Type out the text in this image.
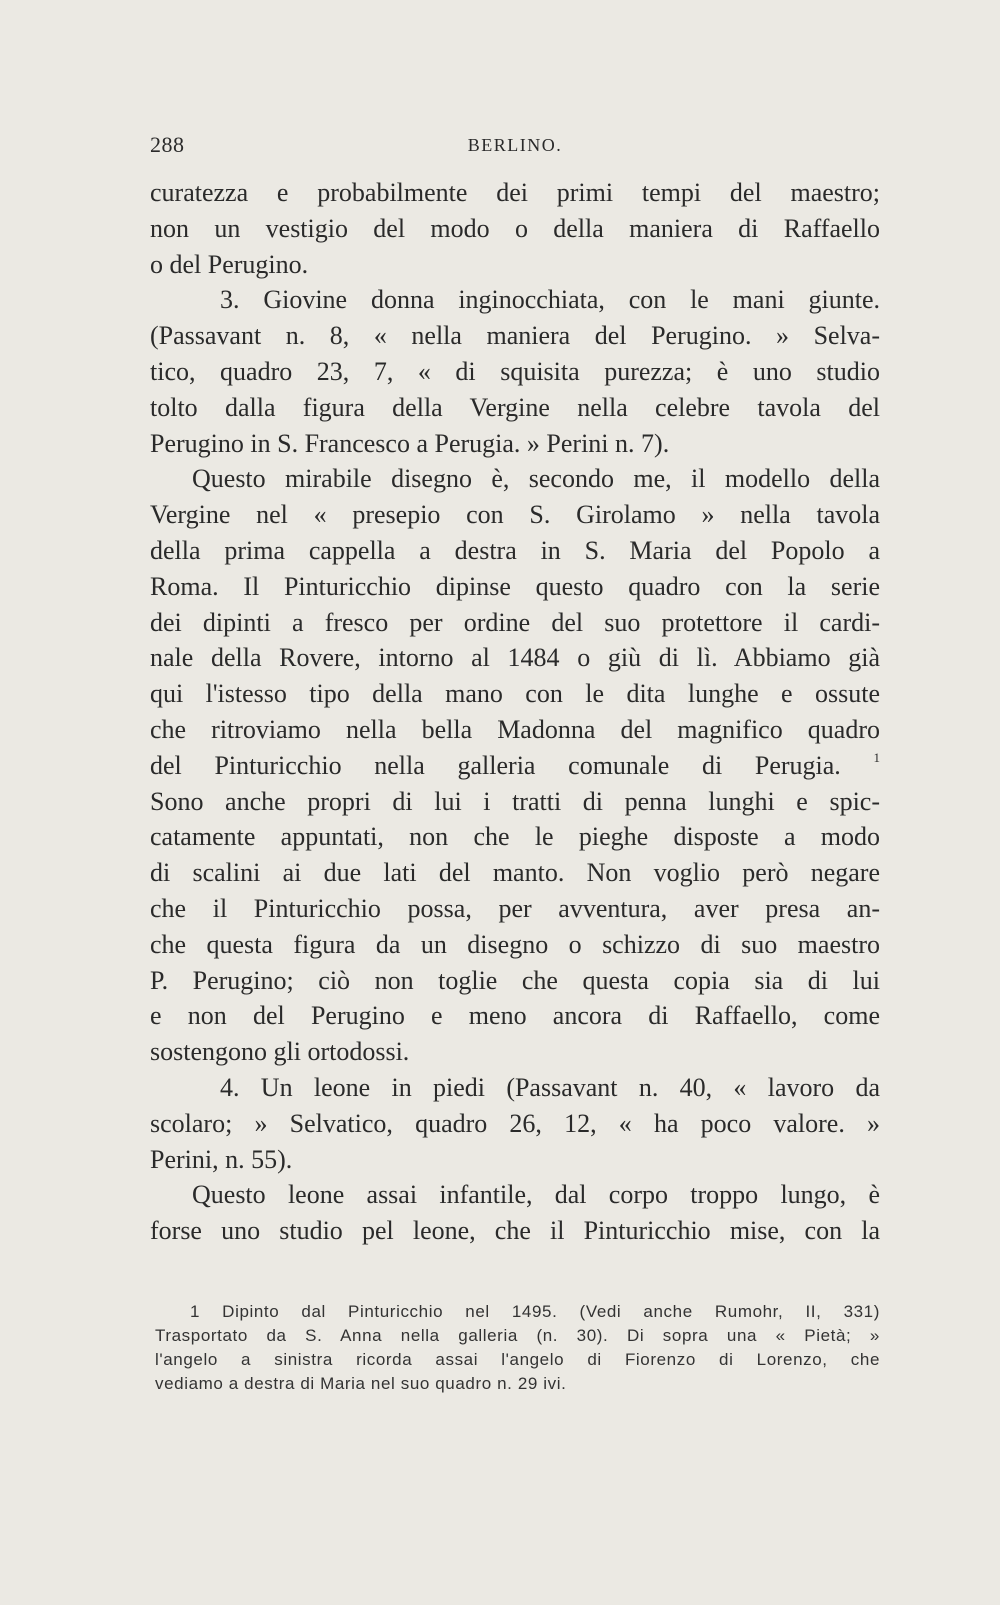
288	BERLINO.
curatezza e probabilmente dei primi tempi del maestro;
non un vestigio del modo o della maniera di Raffaello
o del Perugino.
3. Giovine donna inginocchiata, con le mani giunte.
(Passavant n. 8, « nella maniera del Perugino. » Selva-
tico, quadro 23, 7, « di squisita purezza; è uno studio
tolto dalla figura della Vergine nella celebre tavola del
Perugino in S. Francesco a Perugia. » Perini n. 7).
Questo mirabile disegno è, secondo me, il modello della
Vergine nel « presepio con S. Girolamo » nella tavola
della prima cappella a destra in S. Maria del Popolo a
Roma. Il Pinturicchio dipinse questo quadro con la serie
dei dipinti a fresco per ordine del suo protettore il cardi-
nale della Rovere, intorno al 1484 o giù di lì. Abbiamo già
qui l'istesso tipo della mano con le dita lunghe e ossute
che ritroviamo nella bella Madonna del magnifico quadro
del Pinturicchio nella galleria comunale di Perugia.	$^1$
Sono anche propri di lui i tratti di penna lunghi e spic-
catamente appuntati, non che le pieghe disposte a modo
di scalini ai due lati del manto. Non voglio però negare
che il Pinturicchio possa, per avventura, aver presa an-
che questa figura da un disegno o schizzo di suo maestro
P. Perugino; ciò non toglie che questa copia sia di lui
e non del Perugino e meno ancora di Raffaello, come
sostengono gli ortodossi.
4. Un leone in piedi (Passavant n. 40, « lavoro da
scolaro; » Selvatico, quadro 26, 12, « ha poco valore. »
Perini, n. 55).
Questo leone assai infantile, dal corpo troppo lungo, è
forse uno studio pel leone, che il Pinturicchio mise, con la
1 Dipinto dal Pinturicchio nel 1495. (Vedi anche Rumohr, II, 331)
Trasportato da S. Anna nella galleria (n. 30). Di sopra una « Pietà; »
l'angelo a sinistra ricorda assai l'angelo di Fiorenzo di Lorenzo, che
vediamo a destra di Maria nel suo quadro n. 29 ivi.
